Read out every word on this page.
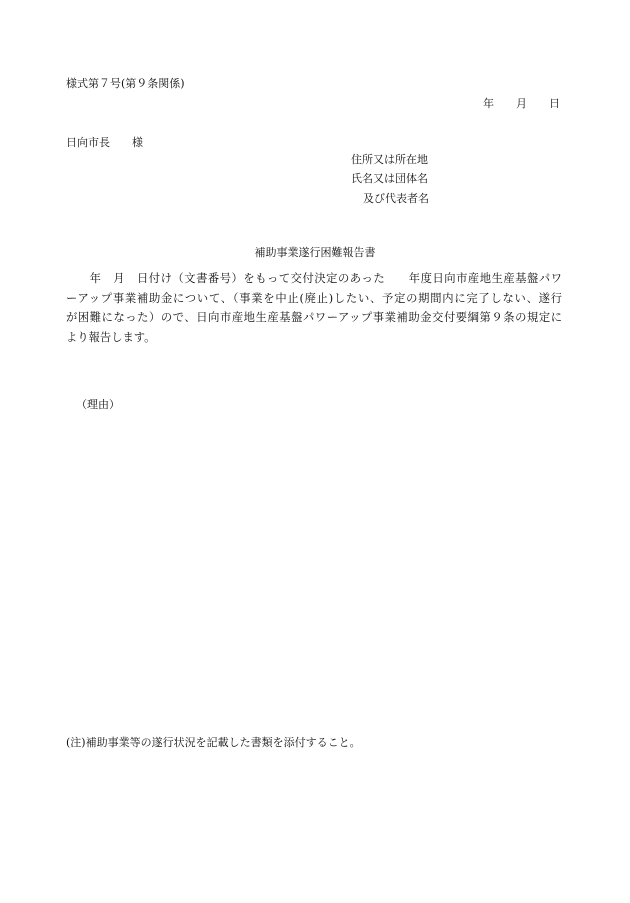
様式第７号(第９条関係)
年 月 日
日向市長 様
住所又は所在地
氏名又は団体名
及び代表者名
補助事業遂行困難報告書
　　年　月　日付け（文書番号）をもって交付決定のあった　　年度日向市産地生産基盤パワ
ーアップ事業補助金について、（事業を中止(廃止)したい、予定の期間内に完了しない、遂行
が困難になった）ので、日向市産地生産基盤パワーアップ事業補助金交付要綱第９条の規定に
より報告します。
（理由）
(注)補助事業等の遂行状況を記載した書類を添付すること。
